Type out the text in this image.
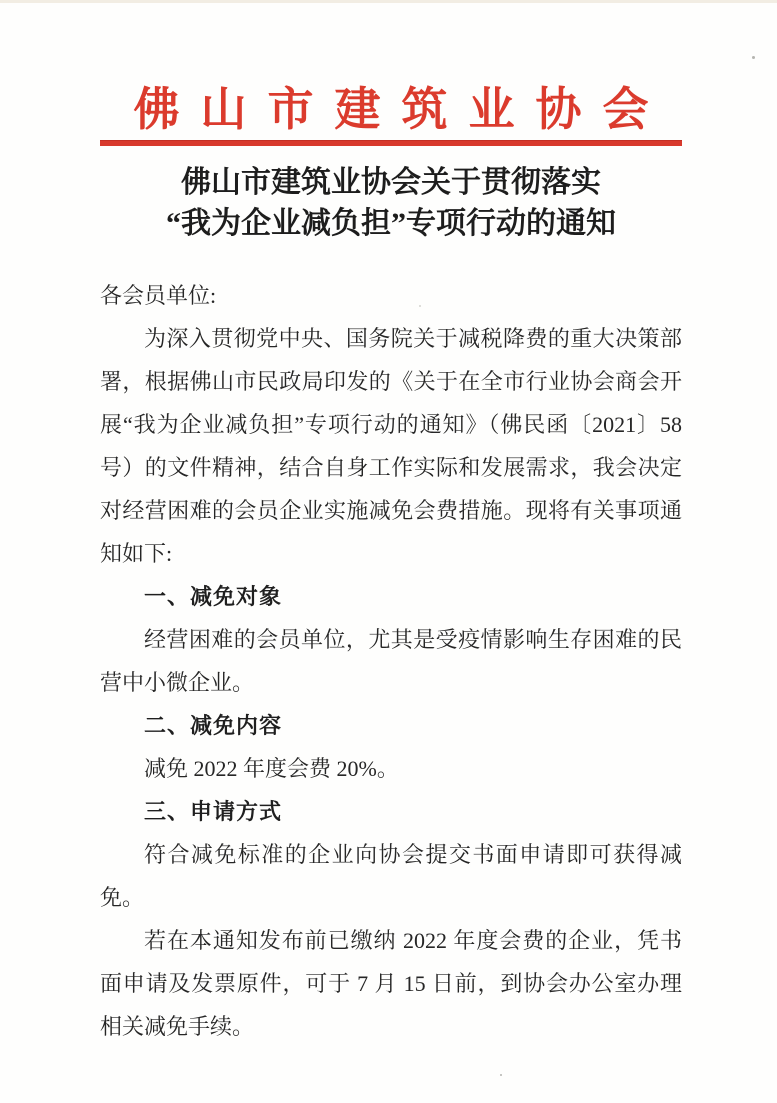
佛山市建筑业协会
佛山市建筑业协会关于贯彻落实
“我为企业减负担”专项行动的通知

各会员单位:

为深入贯彻党中央、国务院关于减税降费的重大决策部署，根据佛山市民政局印发的《关于在全市行业协会商会开展“我为企业减负担”专项行动的通知》（佛民函〔2021〕58 号）的文件精神，结合自身工作实际和发展需求，我会决定对经营困难的会员企业实施减免会费措施。现将有关事项通知如下:

一、减免对象

经营困难的会员单位，尤其是受疫情影响生存困难的民营中小微企业。

二、减免内容

减免 2022 年度会费 20%。

三、申请方式

符合减免标准的企业向协会提交书面申请即可获得减免。

若在本通知发布前已缴纳 2022 年度会费的企业，凭书面申请及发票原件，可于 7 月 15 日前，到协会办公室办理相关减免手续。
